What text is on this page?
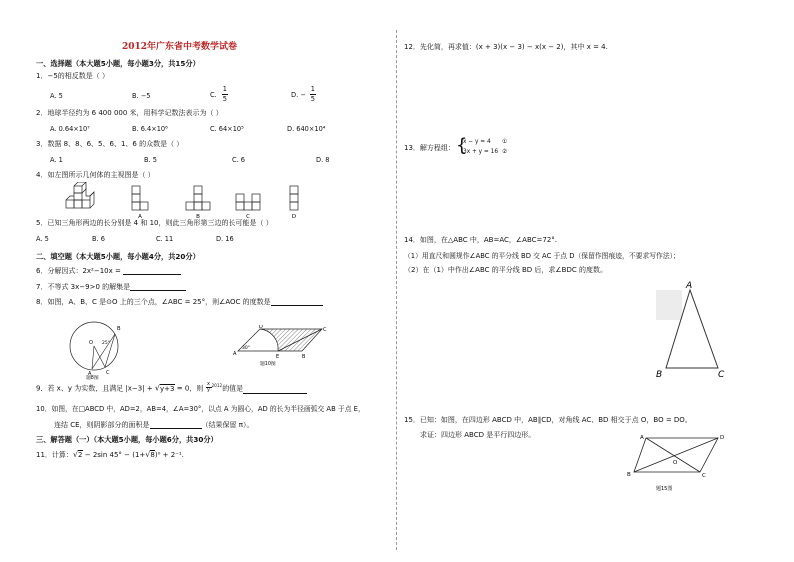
2012年广东省中考数学试卷
一、选择题（本大题5小题，每小题3分，共15分）
1．−5的相反数是（ ）
A. 5	B. −5	C. $\frac{1}{5}$	D. − $\frac{1}{5}$
2．地球半径约为 6 400 000 米，用科学记数法表示为（ ）
A. 0.64×10⁷	B. 6.4×10⁶	C. 64×10⁵	D. 640×10⁴
3．数据 8、8、6、5、6、1、6 的众数是（ ）
A. 1	B. 5	C. 6	D. 8
4．如左图所示几何体的主视图是（ ）
A	B	C	D
5．已知三角形两边的长分别是 4 和 10，则此三角形第三边的长可能是（ ）
A. 5	B. 6	C. 11	D. 16
二、填空题（本大题5小题，每小题4分，共20分）
6．分解因式：2x²−10x =
7．不等式 3x−9>0 的解集是
8．如图，A、B、C 是⊙O 上的三个点，∠ABC = 25°，则∠AOC 的度数是
B
O
A	C
25°
题8图
D	C
A	E	B
30°
题10图
9．若 x、y 为实数，且满足 |x−3| + √y+3 = 0，则 $\frac{x}{y} ^{2012}$的值是
10．如图，在□ABCD 中，AD=2，AB=4，∠A=30°，以点 A 为圆心，AD 的长为半径画弧交 AB 于点 E，
连结 CE，则阴影部分的面积是	（结果保留 π）。
三、解答题（一）（本大题5小题，每小题6分，共30分）
11．计算：√2 − 2sin 45° − (1+√8)⁰ + 2⁻¹.
12．先化简，再求值：(x + 3)(x − 3) − x(x − 2)，其中 x = 4.
13．解方程组： {
x − y = 4
3x + y = 16
①
②
14．如图，在△ABC 中，AB=AC，∠ABC=72°.
（1）用直尺和圆规作∠ABC 的平分线 BD 交 AC 于点 D（保留作图痕迹，不要求写作法）；
（2）在（1）中作出∠ABC 的平分线 BD 后，求∠BDC 的度数。
A
B	C
15．已知：如图，在四边形 ABCD 中，AB∥CD，对角线 AC、BD 相交于点 O，BO = DO。
求证：四边形 ABCD 是平行四边形。	A	D
B	C
O
题15图
